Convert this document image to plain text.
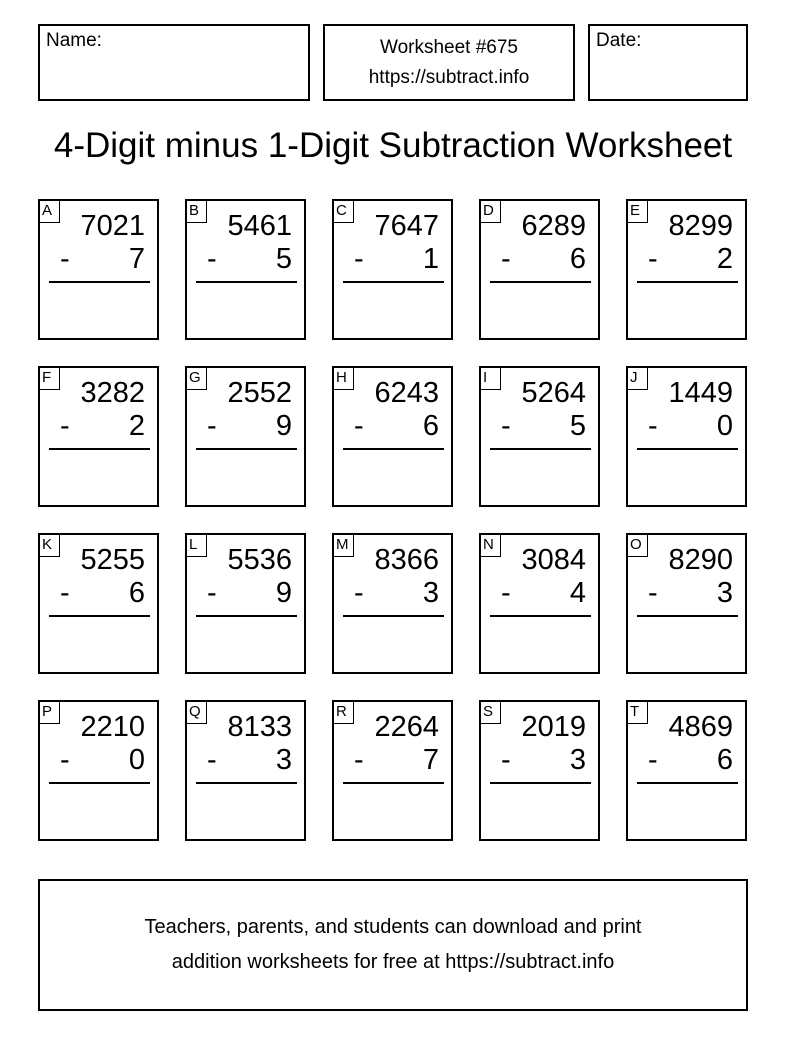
Name:	Worksheet #675
https://subtract.info
Date:
4-Digit minus 1-Digit Subtraction Worksheet
A 7021
- 7
B 5461
- 5
C 7647
- 1
D 6289
- 6
E 8299
- 2
F	3282
- 2
G 2552
- 9
H 6243
- 6
I	5264
- 5
J	1449
- 0
K 5255
- 6
L	5536
- 9
M 8366
- 3
N 3084
- 4
O 8290
- 3
P 2210
- 0
Q 8133
- 3
R 2264
- 7
S 2019
- 3
T	4869
- 6
Teachers, parents, and students can download and print
addition worksheets for free at https://subtract.info
